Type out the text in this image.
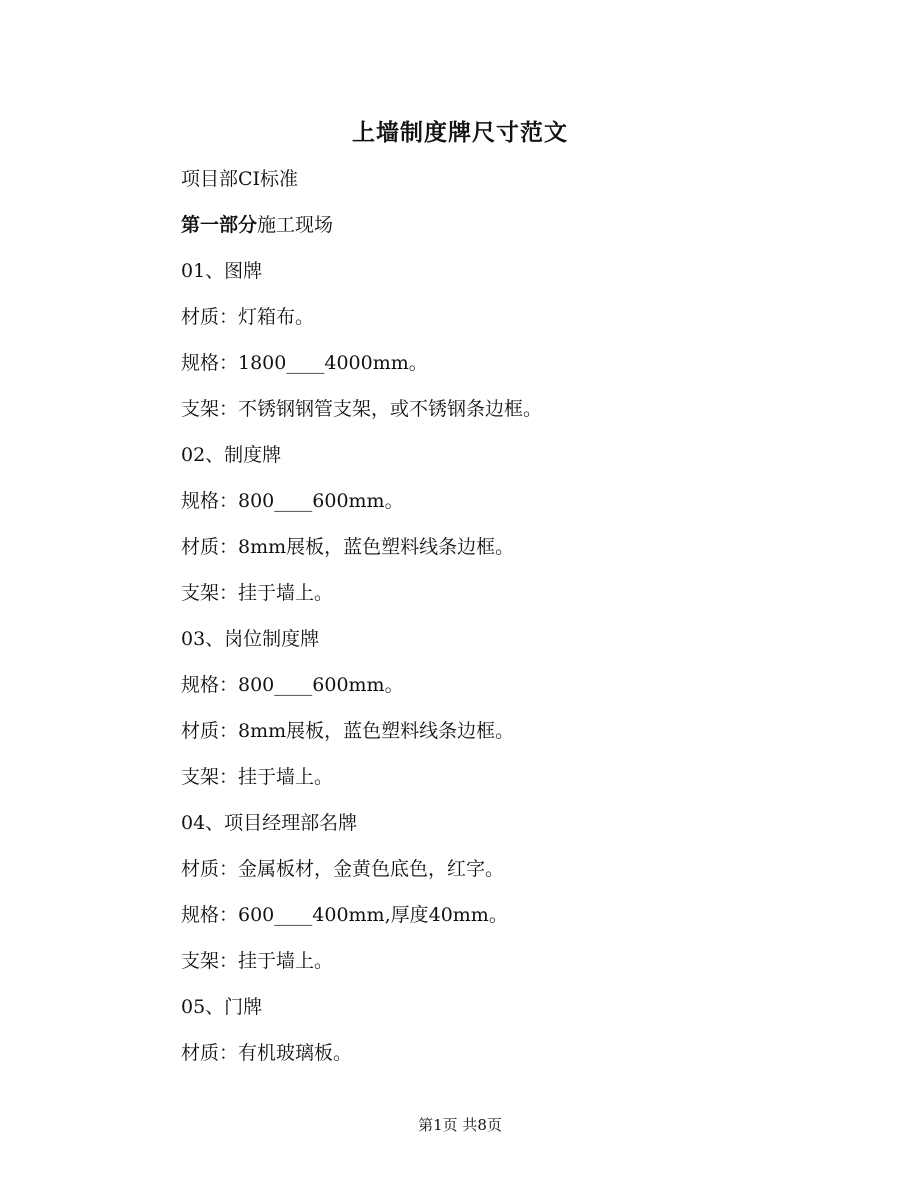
上墙制度牌尺寸范文
项目部CI标准
第一部分施工现场
01、图牌
材质：灯箱布。
规格：1800____4000mm。
支架：不锈钢钢管支架，或不锈钢条边框。
02、制度牌
规格：800____600mm。
材质：8mm展板，蓝色塑料线条边框。
支架：挂于墙上。
03、岗位制度牌
规格：800____600mm。
材质：8mm展板，蓝色塑料线条边框。
支架：挂于墙上。
04、项目经理部名牌
材质：金属板材，金黄色底色，红字。
规格：600____400mm,厚度40mm。
支架：挂于墙上。
05、门牌
材质：有机玻璃板。
第1页 共8页
